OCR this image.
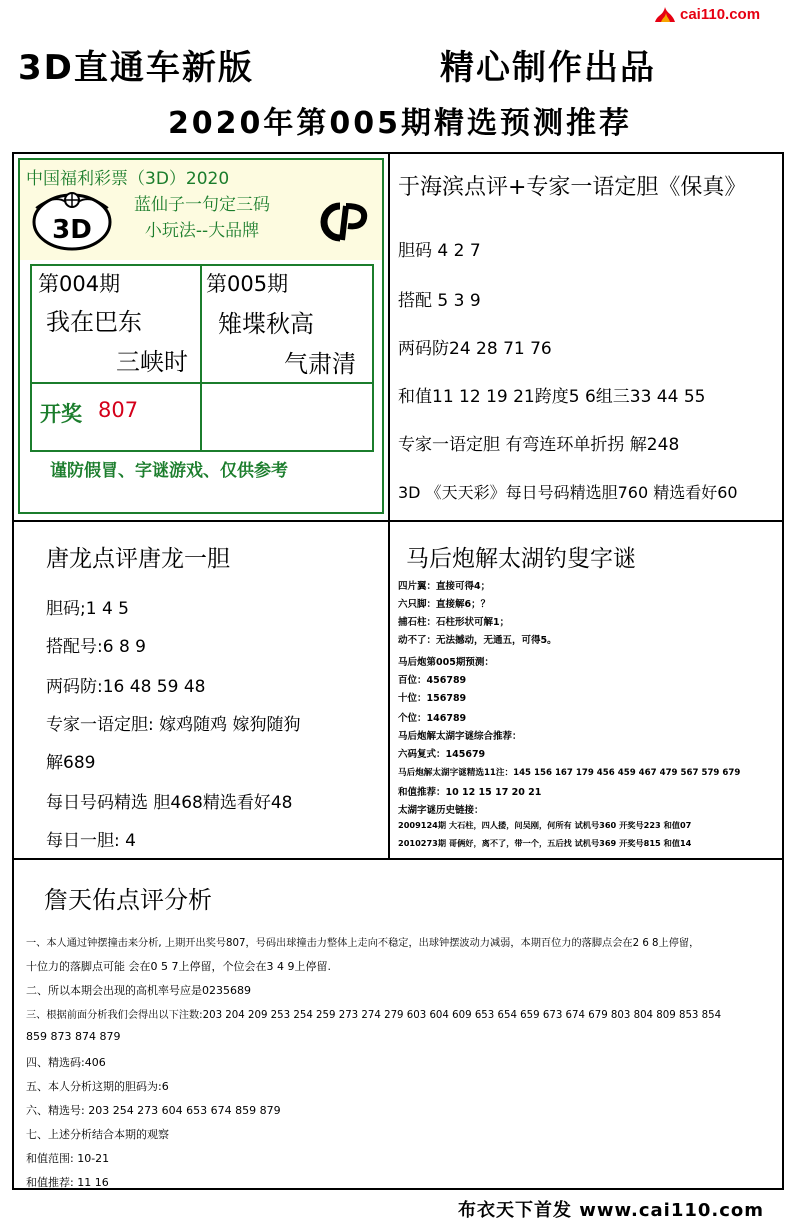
cai110.com
3D直通车新版	精心制作出品
2020年第005期精选预测推荐
中国福利彩票（3D）2020
3D
蓝仙子一句定三码
小玩法--大品牌
第004期
我在巴东
三峡时
第005期
雉堞秋高
气肃清
开奖 807
谨防假冒、字谜游戏、仅供参考
于海滨点评+专家一语定胆《保真》
胆码 4 2 7
搭配 5 3 9
两码防24 28 71 76
和值11 12 19 21跨度5 6组三33 44 55
专家一语定胆 有弯连环单折拐 解248
3D 《天天彩》每日号码精选胆760 精选看好60
唐龙点评唐龙一胆
胆码;1 4 5
搭配号:6 8 9
两码防:16 48 59 48
专家一语定胆: 嫁鸡随鸡 嫁狗随狗
解689
每日号码精选 胆468精选看好48
每日一胆: 4
马后炮解太湖钓叟字谜
四片翼：直接可得4；
六只脚：直接解6；？
捕石柱：石柱形状可解1；
动不了：无法撼动，无通五，可得5。
马后炮第005期预测：
百位：456789
十位：156789
个位：146789
马后炮解太湖字谜综合推荐：
六码复式：145679
马后炮解太湖字谜精选11注：145 156 167 179 456 459 467 479 567 579 679
和值推荐：10 12 15 17 20 21
太湖字谜历史链接：
2009124期 大石柱，四人搂，问吴刚，何所有 试机号360 开奖号223 和值07
2010273期 哥俩好，离不了，带一个，五后找 试机号369 开奖号815 和值14
詹天佑点评分析
一、本人通过钟摆撞击来分析, 上期开出奖号807，号码出球撞击力整体上走向不稳定，出球钟摆波动力减弱，本期百位力的落脚点会在2 6 8上停留，
十位力的落脚点可能 会在0 5 7上停留，个位会在3 4 9上停留.
二、所以本期会出现的高机率号应是0235689
三、根据前面分析我们会得出以下注数:203 204 209 253 254 259 273 274 279 603 604 609 653 654 659 673 674 679 803 804 809 853 854
859 873 874 879
四、精选码:406
五、本人分析这期的胆码为:6
六、精选号: 203 254 273 604 653 674 859 879
七、上述分析结合本期的观察
和值范围: 10-21
和值推荐: 11 16
布衣天下首发 www.cai110.com
